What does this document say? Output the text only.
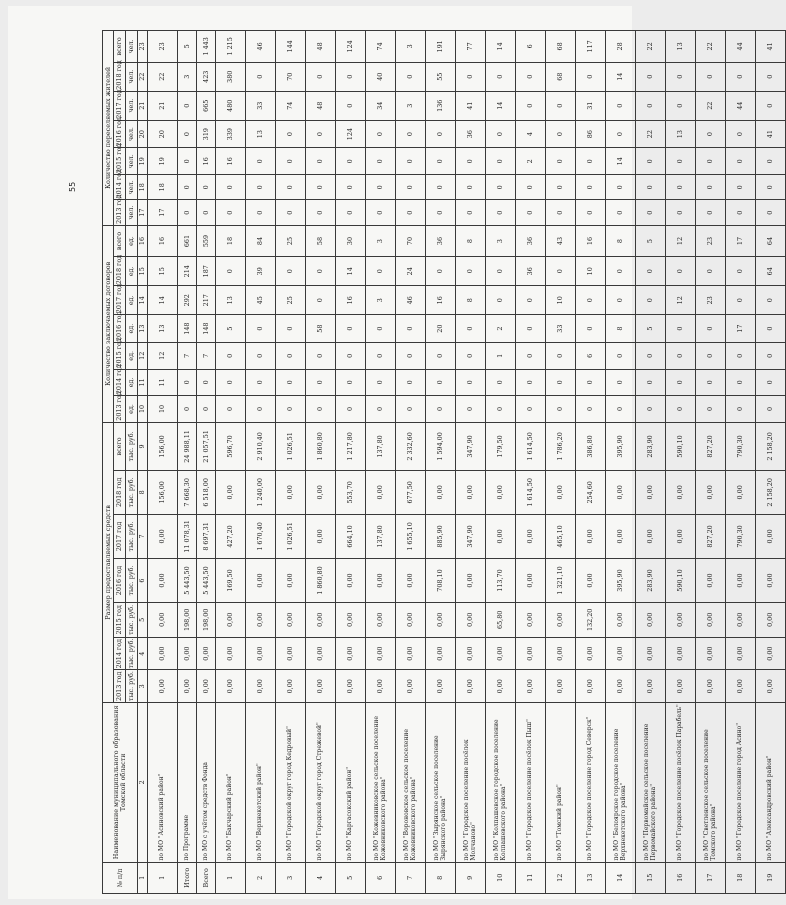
55
№ п/п	Наименование муниципального образования Томской области	Размер предоставляемых средств							Количество заключаемых договоров							Количество переселяемых жителей						
		2013 год	2014 год	2015 год	2016 год	2017 год	2018 год	всего	2013 год	2014 год	2015 год	2016 год	2017 год	2018 год	всего	2013 год	2014 год	2015 год	2016 год	2017 год	2018 год	всего
		тыс. руб.	тыс. руб.	тыс. руб.	тыс. руб.	тыс. руб.	тыс. руб.	тыс. руб.	ед.	ед.	ед.	ед.	ед.	ед.	ед.	чел.	чел.	чел.	чел.	чел.	чел.	чел.
1	2	3	4	5	6	7	8	9	10	11	12	13	14	15	16	17	18	19	20	21	22	23
1	по МО "Асиновский район"	0,00	0,00	0,00	0,00	0,00	156,00	156,00	10	11	12	13	14	15	16	17	18	19	20	21	22	23
Итого	по Программе	0,00	0,00	198,00	5 443,50	11 078,31	7 668,30	24 988,11	0	0	7	148	292	214	661	0	0	0	0	0	3	5
Всего	по МО с учётом средств Фонда	0,00	0,00	198,00	5 443,50	8 697,31	6 518,00	21 057,51	0	0	7	148	217	187	559	0	0	16	319	665	423	1 443
1	по МО "Бакчарский район"	0,00	0,00	0,00	169,50	427,20	0,00	596,70	0	0	0	5	13	0	18	0	0	16	339	480	380	1 215
2	по МО "Верхнекетский район"	0,00	0,00	0,00	0,00	1 670,40	1 240,00	2 910,40	0	0	0	0	45	39	84	0	0	0	13	33	0	46
3	по МО "Городской округ город Кедровый"	0,00	0,00	0,00	0,00	1 026,51	0,00	1 026,51	0	0	0	0	25	0	25	0	0	0	0	74	70	144
4	по МО "Городской округ город Стрежевой"	0,00	0,00	0,00	1 860,80	0,00	0,00	1 860,80	0	0	0	58	0	0	58	0	0	0	0	48	0	48
5	по МО "Каргасокский район"	0,00	0,00	0,00	0,00	664,10	553,70	1 217,80	0	0	0	0	16	14	30	0	0	0	124	0	0	124
6	по МО "Кожевниковское сельское поселение Кожевниковского района"	0,00	0,00	0,00	0,00	137,80	0,00	137,80	0	0	0	0	3	0	3	0	0	0	0	34	40	74
7	по МО "Вороновское сельское поселение Кожевниковского района"	0,00	0,00	0,00	0,00	1 655,10	677,50	2 332,60	0	0	0	0	46	24	70	0	0	0	0	3	0	3
8	по МО "Зырянское сельское поселение Зырянского района"	0,00	0,00	0,00	708,10	885,90	0,00	1 594,00	0	0	0	20	16	0	36	0	0	0	0	136	55	191
9	по МО "Городское поселение посёлок Молчаново"	0,00	0,00	0,00	0,00	347,90	0,00	347,90	0	0	0	0	8	0	8	0	0	0	36	41	0	77
10	по МО "Колпашевское городское поселение Колпашевского района"	0,00	0,00	65,80	113,70	0,00	0,00	179,50	0	0	1	2	0	0	3	0	0	0	0	14	0	14
11	по МО "Городское поселение посёлок Пыш"	0,00	0,00	0,00	0,00	0,00	1 614,50	1 614,50	0	0	0	0	0	36	36	0	0	2	4	0	0	6
12	по МО "Томский район"	0,00	0,00	0,00	1 321,10	465,10	0,00	1 786,20	0	0	0	33	10	0	43	0	0	0	0	0	68	68
13	по МО "Городское поселение город Северск"	0,00	0,00	132,20	0,00	0,00	254,60	386,80	0	0	6	0	0	10	16	0	0	0	86	31	0	117
14	по МО "Белоярское городское поселение Верхнекетского района"	0,00	0,00	0,00	395,90	0,00	0,00	395,90	0	0	0	8	0	0	8	0	0	14	0	0	14	28
15	по МО "Первомайское сельское поселение Первомайского района"	0,00	0,00	0,00	283,90	0,00	0,00	283,90	0	0	0	5	0	0	5	0	0	0	22	0	0	22
16	по МО "Городское поселение посёлок Парабель"	0,00	0,00	0,00	590,10	0,00	0,00	590,10	0	0	0	0	12	0	12	0	0	0	13	0	0	13
17	по МО "Светленское сельское поселение Томского района"	0,00	0,00	0,00	0,00	827,20	0,00	827,20	0	0	0	0	23	0	23	0	0	0	0	22	0	22
18	по МО "Городское поселение город Асино"	0,00	0,00	0,00	0,00	790,30	0,00	790,30	0	0	0	17	0	0	17	0	0	0	0	44	0	44
19	по МО "Александровский район"	0,00	0,00	0,00	0,00	0,00	2 158,20	2 158,20	0	0	0	0	0	64	64	0	0	0	41	0	0	41
